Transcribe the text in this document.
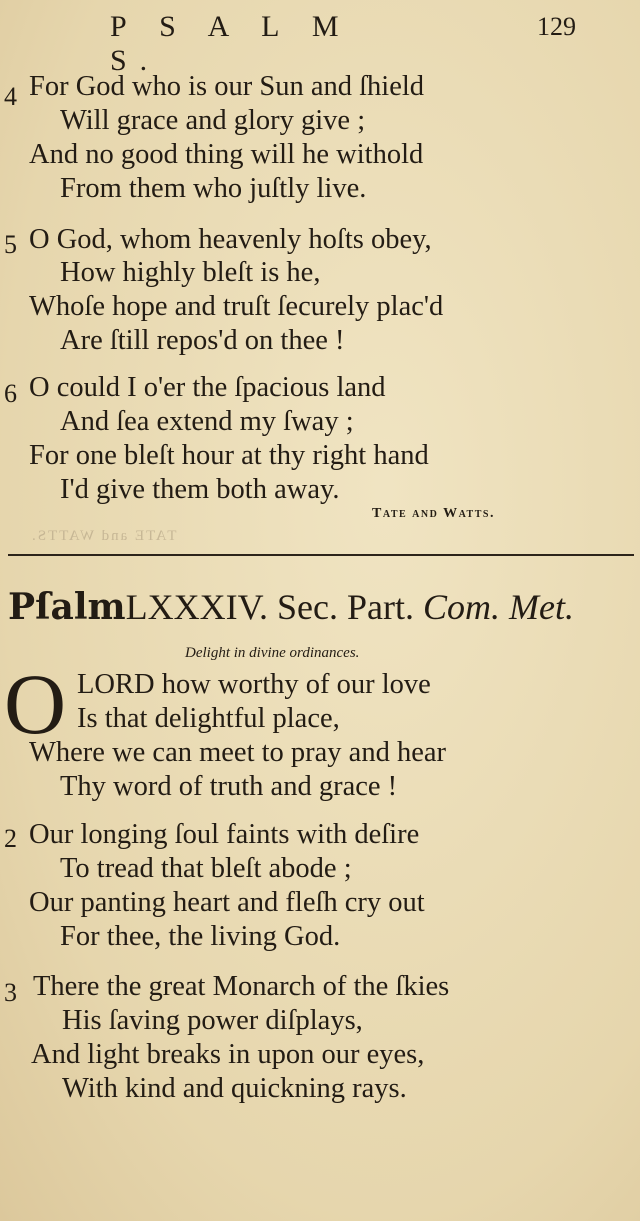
P S A L M S.
129
4 For God who is our Sun and ſhield
Will grace and glory give ;
And no good thing will he withold
From them who juſtly live.
5 O God, whom heavenly hoſts obey,
How highly bleſt is he,
Whoſe hope and truſt ſecurely plac'd
Are ſtill repos'd on thee !
6 O could I o'er the ſpacious land
And ſea extend my ſway ;
For one bleſt hour at thy right hand
I'd give them both away.
Tate and Watts.
TATE and WATTS.
PſalmLXXXIV. Sec. Part. Com. Met.
Delight in divine ordinances.
O LORD how worthy of our love
Is that delightful place,
Where we can meet to pray and hear
Thy word of truth and grace !
2 Our longing ſoul faints with deſire
To tread that bleſt abode ;
Our panting heart and fleſh cry out
For thee, the living God.
3 There the great Monarch of the ſkies
His ſaving power diſplays,
And light breaks in upon our eyes,
With kind and quickning rays.
